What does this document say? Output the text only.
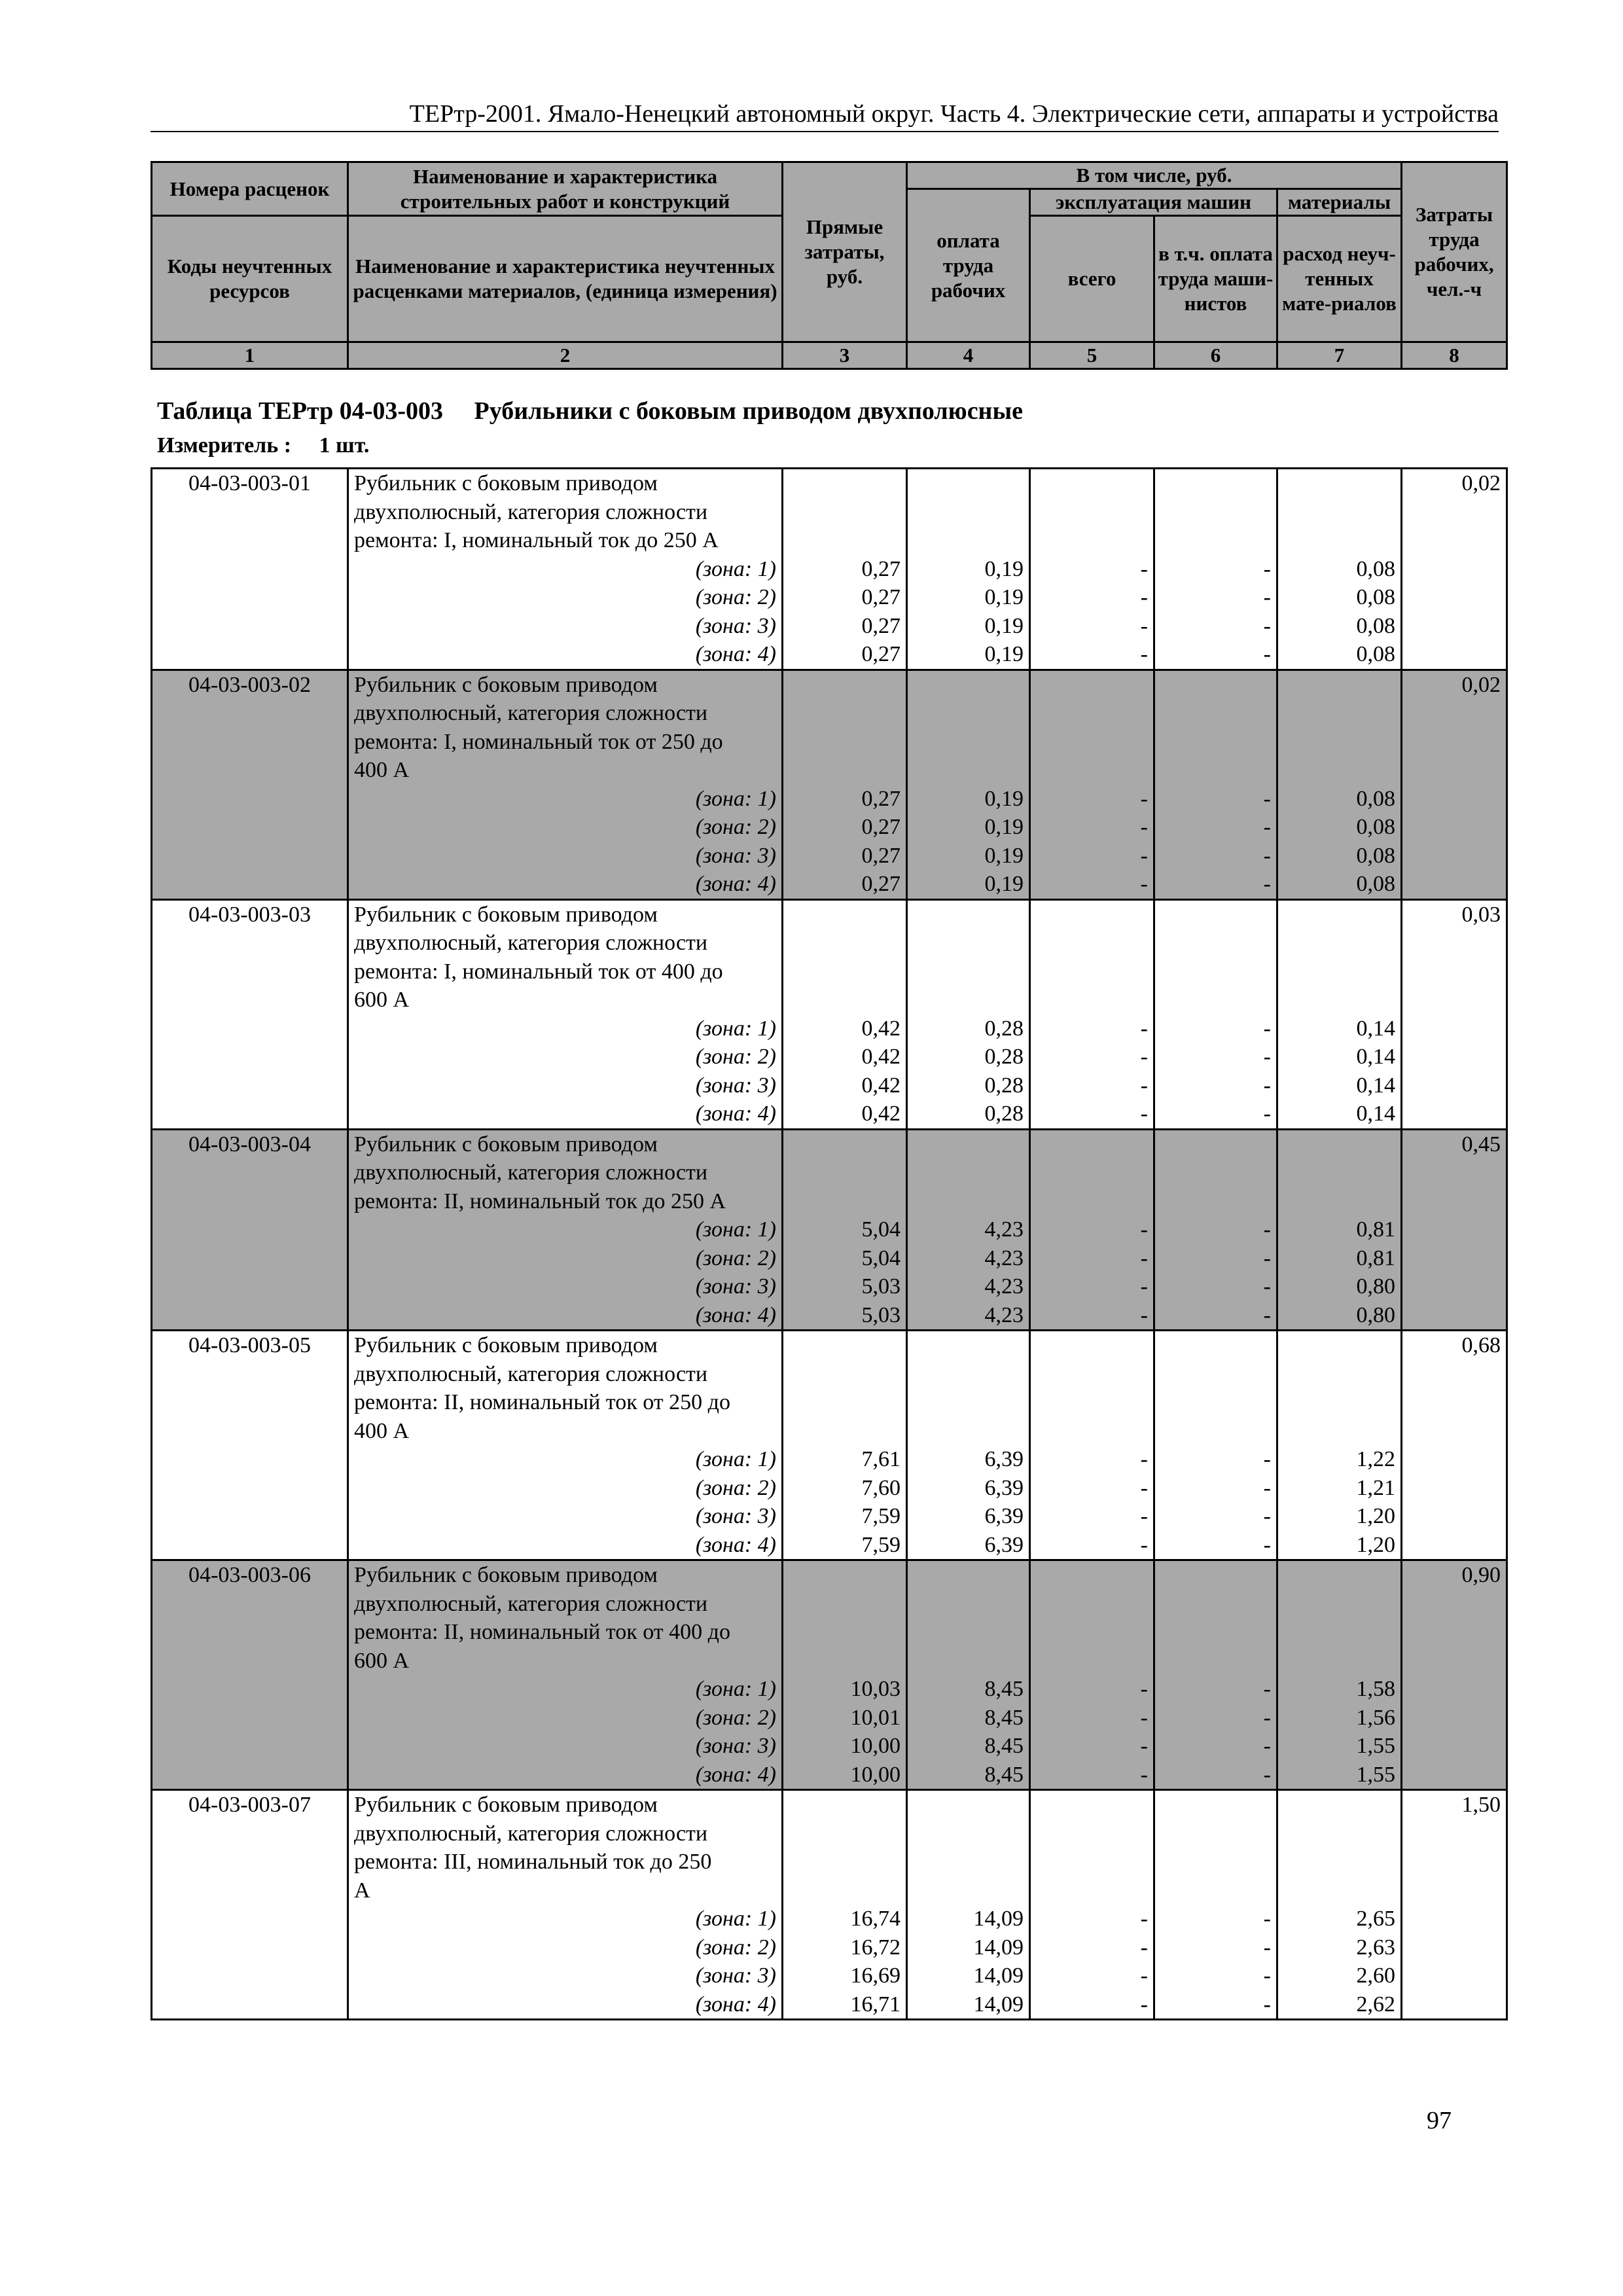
ТЕРтр-2001. Ямало-Ненецкий автономный округ. Часть 4. Электрические сети, аппараты и устройства
Номера расценок	Наименование и характеристика строительных работ и конструкций	Прямые затраты, руб.	В том числе, руб.				Затраты труда рабочих, чел.-ч
			оплата труда рабочих	эксплуатация машин		материалы	
Коды неучтенных ресурсов	Наименование и характеристика неучтенных расценками материалов, (единица измерения)			всего	в т.ч. оплата труда маши-нистов	расход неуч-тенных мате-риалов	

1	2	3	4	5	6	7	8
Таблица ТЕРтр 04-03-003     Рубильники с боковым приводом двухполюсные
Измеритель :     1 шт.
04-03-003-01	Рубильник с боковым приводом						0,02
	двухполюсный, категория сложности						
	ремонта: I, номинальный ток до 250 А						
	(зона: 1)	0,27	0,19	-	-	0,08	
	(зона: 2)	0,27	0,19	-	-	0,08	
	(зона: 3)	0,27	0,19	-	-	0,08	
	(зона: 4)	0,27	0,19	-	-	0,08	
04-03-003-02	Рубильник с боковым приводом						0,02
	двухполюсный, категория сложности						
	ремонта: I, номинальный ток от 250 до						
	400 А						
	(зона: 1)	0,27	0,19	-	-	0,08	
	(зона: 2)	0,27	0,19	-	-	0,08	
	(зона: 3)	0,27	0,19	-	-	0,08	
	(зона: 4)	0,27	0,19	-	-	0,08	
04-03-003-03	Рубильник с боковым приводом						0,03
	двухполюсный, категория сложности						
	ремонта: I, номинальный ток от 400 до						
	600 А						
	(зона: 1)	0,42	0,28	-	-	0,14	
	(зона: 2)	0,42	0,28	-	-	0,14	
	(зона: 3)	0,42	0,28	-	-	0,14	
	(зона: 4)	0,42	0,28	-	-	0,14	
04-03-003-04	Рубильник с боковым приводом						0,45
	двухполюсный, категория сложности						
	ремонта: II, номинальный ток до 250 А						
	(зона: 1)	5,04	4,23	-	-	0,81	
	(зона: 2)	5,04	4,23	-	-	0,81	
	(зона: 3)	5,03	4,23	-	-	0,80	
	(зона: 4)	5,03	4,23	-	-	0,80	
04-03-003-05	Рубильник с боковым приводом						0,68
	двухполюсный, категория сложности						
	ремонта: II, номинальный ток от 250 до						
	400 А						
	(зона: 1)	7,61	6,39	-	-	1,22	
	(зона: 2)	7,60	6,39	-	-	1,21	
	(зона: 3)	7,59	6,39	-	-	1,20	
	(зона: 4)	7,59	6,39	-	-	1,20	
04-03-003-06	Рубильник с боковым приводом						0,90
	двухполюсный, категория сложности						
	ремонта: II, номинальный ток от 400 до						
	600 А						
	(зона: 1)	10,03	8,45	-	-	1,58	
	(зона: 2)	10,01	8,45	-	-	1,56	
	(зона: 3)	10,00	8,45	-	-	1,55	
	(зона: 4)	10,00	8,45	-	-	1,55	
04-03-003-07	Рубильник с боковым приводом						1,50
	двухполюсный, категория сложности						
	ремонта: III, номинальный ток до 250						
	А						
	(зона: 1)	16,74	14,09	-	-	2,65	
	(зона: 2)	16,72	14,09	-	-	2,63	
	(зона: 3)	16,69	14,09	-	-	2,60	
	(зона: 4)	16,71	14,09	-	-	2,62	
97
